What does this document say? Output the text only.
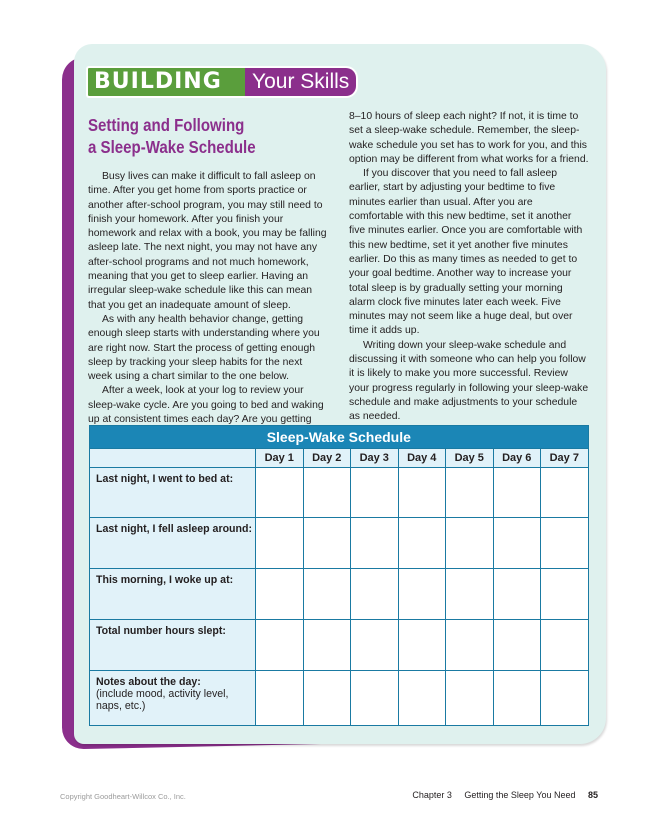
BUILDING	Your Skills
Setting and Following
a Sleep-Wake Schedule

Busy lives can make it difficult to fall asleep on time. After you get home from sports practice or another after-school program, you may still need to finish your homework. After you finish your homework and relax with a book, you may be falling asleep late. The next night, you may not have any after-school programs and not much homework, meaning that you get to sleep earlier. Having an irregular sleep-wake schedule like this can mean that you get an inadequate amount of sleep.

As with any health behavior change, getting enough sleep starts with understanding where you are right now. Start the process of getting enough sleep by tracking your sleep habits for the next week using a chart similar to the one below.

After a week, look at your log to review your sleep-wake cycle. Are you going to bed and waking up at consistent times each day? Are you getting

8–10 hours of sleep each night? If not, it is time to set a sleep-wake schedule. Remember, the sleep-wake schedule you set has to work for you, and this option may be different from what works for a friend.

If you discover that you need to fall asleep earlier, start by adjusting your bedtime to five minutes earlier than usual. After you are comfortable with this new bedtime, set it another five minutes earlier. Once you are comfortable with this new bedtime, set it yet another five minutes earlier. Do this as many times as needed to get to your goal bedtime. Another way to increase your total sleep is by gradually setting your morning alarm clock five minutes later each week. Five minutes may not seem like a huge deal, but over time it adds up.

Writing down your sleep-wake schedule and discussing it with someone who can help you follow it is likely to make you more successful. Review your progress regularly in following your sleep-wake schedule and make adjustments to your schedule as needed.

Sleep-Wake Schedule							
	Day 1	Day 2	Day 3	Day 4	Day 5	Day 6	Day 7
Last night, I went to bed at:							
Last night, I fell asleep around:							
This morning, I woke up at:							
Total number hours slept:							
Notes about the day:
(include mood, activity level, naps, etc.)							

Copyright Goodheart-Willcox Co., Inc.	Chapter 3 Getting the Sleep You Need 85
